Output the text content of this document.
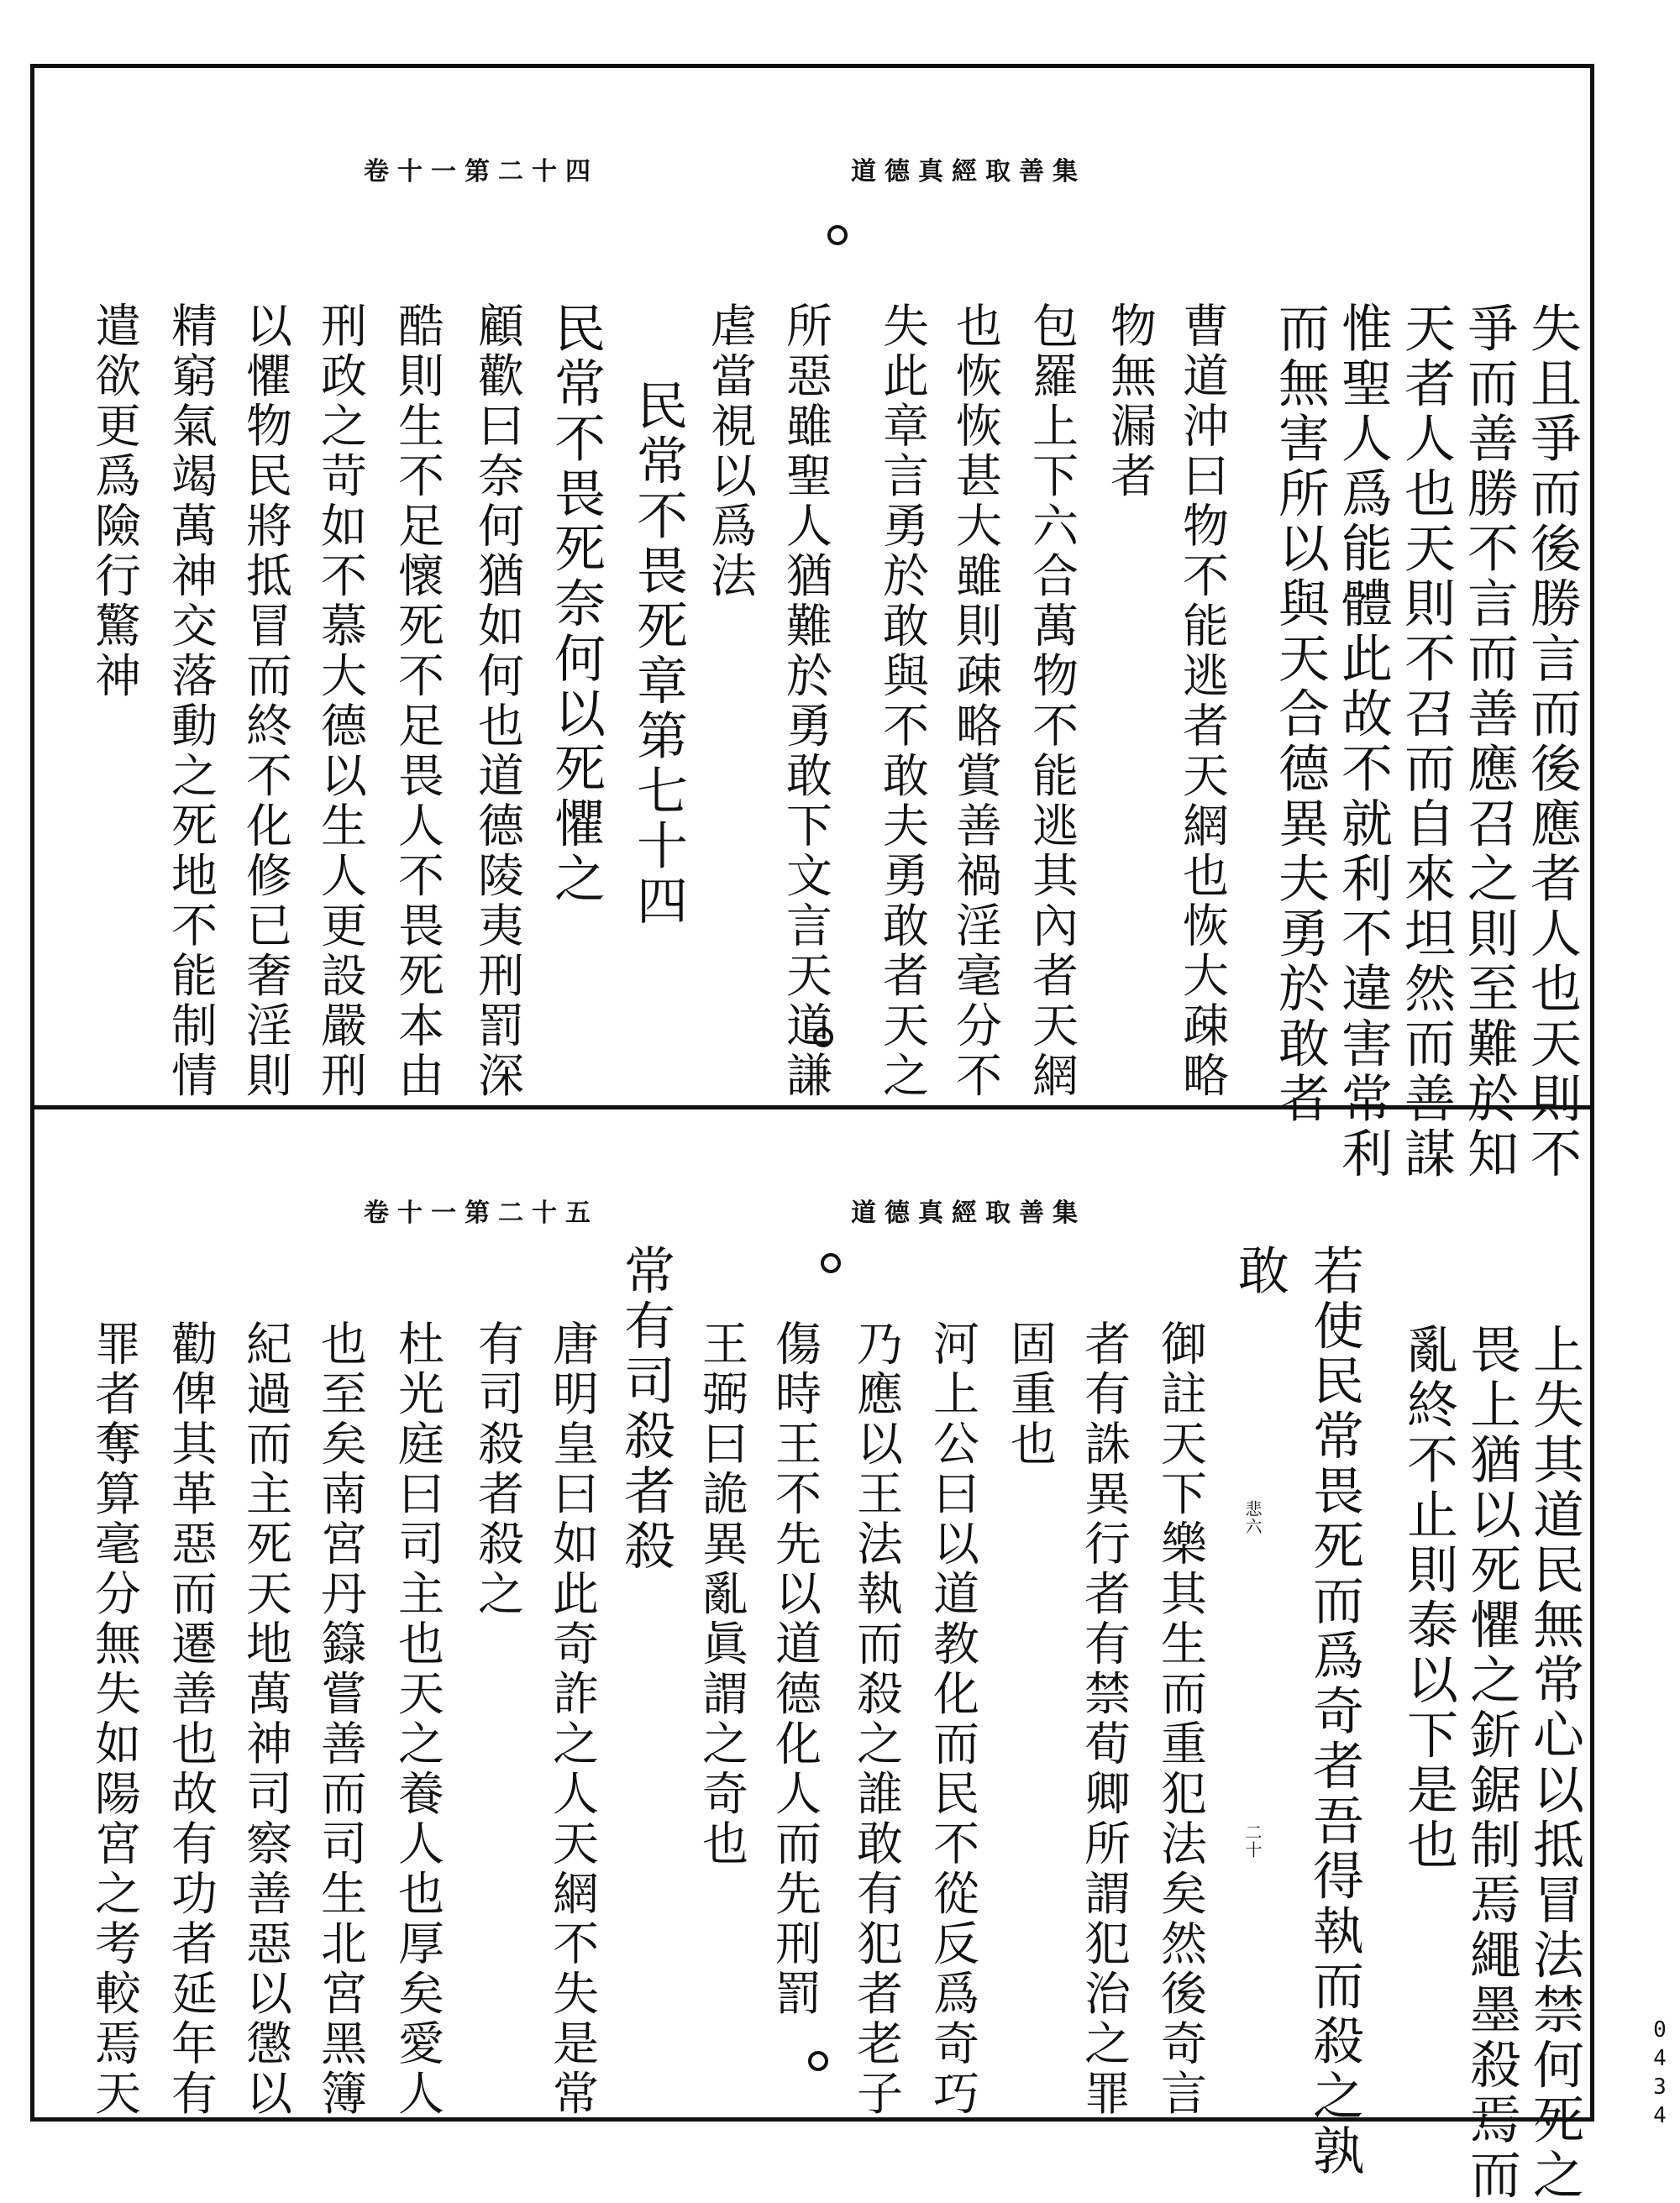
卷十一第二十四	道德真經取善集
失且爭而後勝言而後應者人也天則不
爭而善勝不言而善應召之則至難於知
天者人也天則不召而自來坦然而善謀
惟聖人爲能體此故不就利不違害常利
而無害所以與天合德異夫勇於敢者
曹道沖曰物不能逃者天網也恢大疎略
物無漏者
包羅上下六合萬物不能逃其內者天網
也恢恢甚大雖則疎略賞善禍淫毫分不
失此章言勇於敢與不敢夫勇敢者天之
所惡雖聖人猶難於勇敢下文言天道謙
虐當視以爲法
民常不畏死章第七十四
民常不畏死奈何以死懼之
顧歡曰奈何猶如何也道德陵夷刑罰深
酷則生不足懷死不足畏人不畏死本由
刑政之苛如不慕大德以生人更設嚴刑
以懼物民將抵冒而終不化修已奢淫則
精窮氣竭萬神交落動之死地不能制情
遣欲更爲險行驚神
卷十一第二十五	道德真經取善集
上失其道民無常心以抵冒法禁何死之
畏上猶以死懼之釿鋸制焉繩墨殺焉而
亂終不止則泰以下是也
若使民常畏死而爲奇者吾得執而殺之孰
敢
御註天下樂其生而重犯法矣然後奇言
者有誅異行者有禁荀卿所謂犯治之罪
固重也
河上公曰以道教化而民不從反爲奇巧
乃應以王法執而殺之誰敢有犯者老子
傷時王不先以道德化人而先刑罰
王弼曰詭異亂眞謂之奇也
唐明皇曰如此奇詐之人天網不失是常 常有司殺者殺
有司殺者殺之
杜光庭曰司主也天之養人也厚矣愛人
也至矣南宮丹籙嘗善而司生北宮黑簿
紀過而主死天地萬神司察善惡以懲以
勸俾其革惡而遷善也故有功者延年有
罪者奪算毫分無失如陽宮之考較焉天	悲六
二十
0434
